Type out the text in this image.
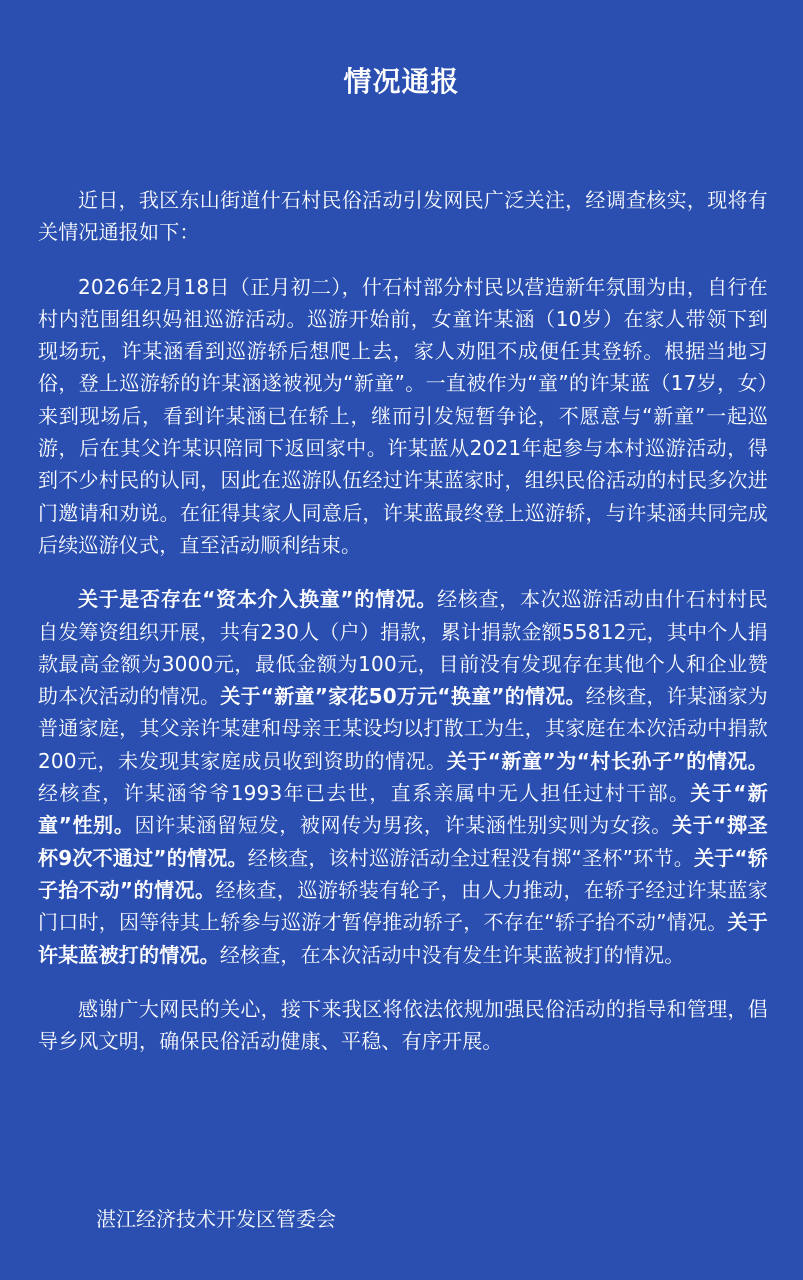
情况通报

近日，我区东山街道什石村民俗活动引发网民广泛关注，经调查核实，现将有关情况通报如下：

2026年2月18日（正月初二），什石村部分村民以营造新年氛围为由，自行在村内范围组织妈祖巡游活动。巡游开始前，女童许某涵（10岁）在家人带领下到现场玩，许某涵看到巡游轿后想爬上去，家人劝阻不成便任其登轿。根据当地习俗，登上巡游轿的许某涵遂被视为“新童”。一直被作为“童”的许某蓝（17岁，女）来到现场后，看到许某涵已在轿上，继而引发短暂争论，不愿意与“新童”一起巡游，后在其父许某识陪同下返回家中。许某蓝从2021年起参与本村巡游活动，得到不少村民的认同，因此在巡游队伍经过许某蓝家时，组织民俗活动的村民多次进门邀请和劝说。在征得其家人同意后，许某蓝最终登上巡游轿，与许某涵共同完成后续巡游仪式，直至活动顺利结束。

关于是否存在“资本介入换童”的情况。经核查，本次巡游活动由什石村村民自发筹资组织开展，共有230人（户）捐款，累计捐款金额55812元，其中个人捐款最高金额为3000元，最低金额为100元，目前没有发现存在其他个人和企业赞助本次活动的情况。关于“新童”家花50万元“换童”的情况。经核查，许某涵家为普通家庭，其父亲许某建和母亲王某设均以打散工为生，其家庭在本次活动中捐款200元，未发现其家庭成员收到资助的情况。关于“新童”为“村长孙子”的情况。经核查，许某涵爷爷1993年已去世，直系亲属中无人担任过村干部。关于“新童”性别。因许某涵留短发，被网传为男孩，许某涵性别实则为女孩。关于“掷圣杯9次不通过”的情况。经核查，该村巡游活动全过程没有掷“圣杯”环节。关于“轿子抬不动”的情况。经核查，巡游轿装有轮子，由人力推动，在轿子经过许某蓝家门口时，因等待其上轿参与巡游才暂停推动轿子，不存在“轿子抬不动”情况。关于许某蓝被打的情况。经核查，在本次活动中没有发生许某蓝被打的情况。

感谢广大网民的关心，接下来我区将依法依规加强民俗活动的指导和管理，倡导乡风文明，确保民俗活动健康、平稳、有序开展。

湛江经济技术开发区管委会
